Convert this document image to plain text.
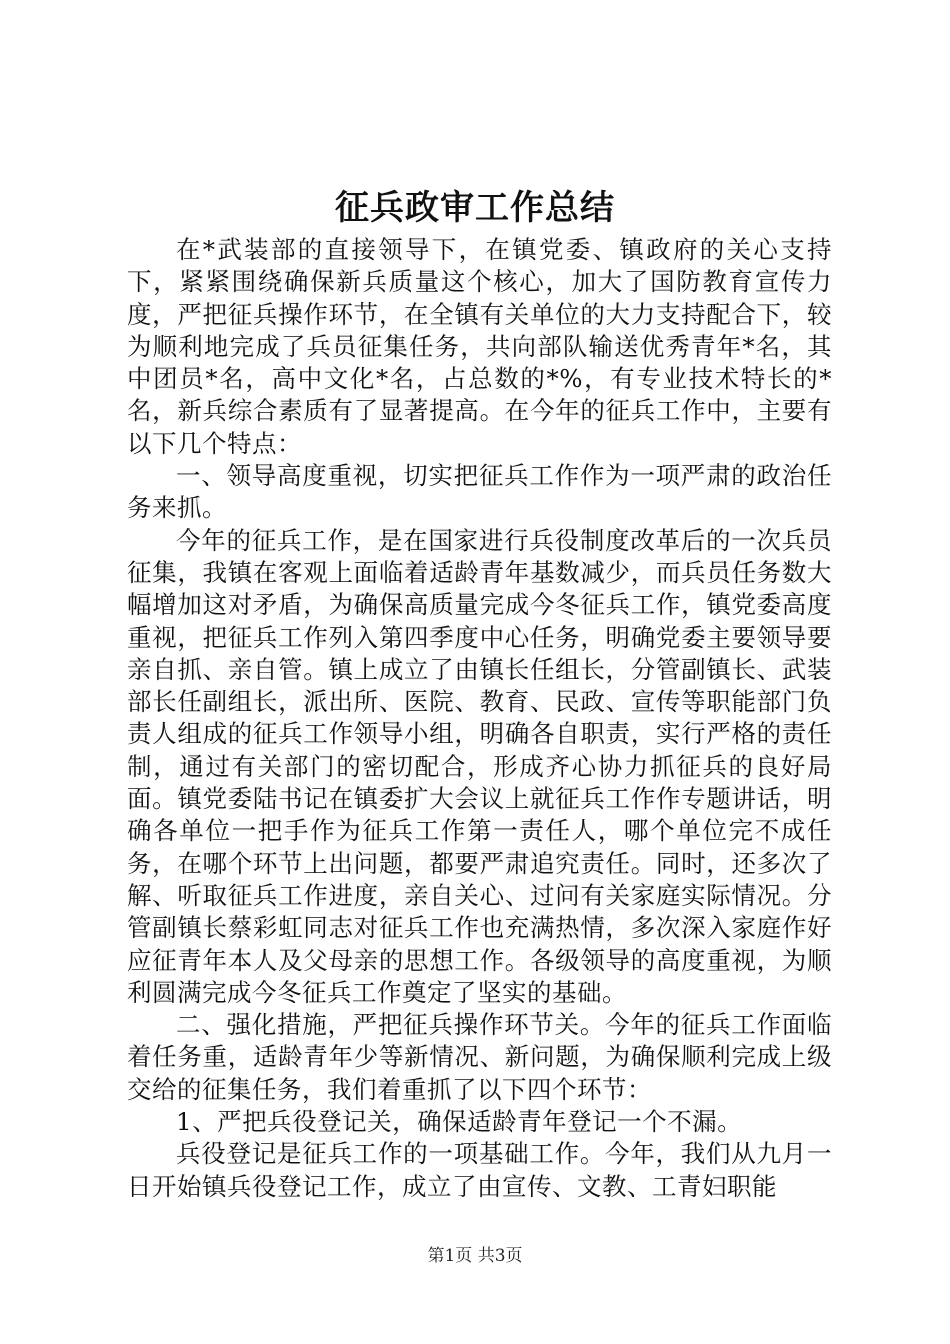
征兵政审工作总结

在*武装部的直接领导下，在镇党委、镇政府的关心支持下，紧紧围绕确保新兵质量这个核心，加大了国防教育宣传力度，严把征兵操作环节，在全镇有关单位的大力支持配合下，较为顺利地完成了兵员征集任务，共向部队输送优秀青年*名，其中团员*名，高中文化*名，占总数的*%，有专业技术特长的*名，新兵综合素质有了显著提高。在今年的征兵工作中，主要有以下几个特点：

一、领导高度重视，切实把征兵工作作为一项严肃的政治任务来抓。

今年的征兵工作，是在国家进行兵役制度改革后的一次兵员征集，我镇在客观上面临着适龄青年基数减少，而兵员任务数大幅增加这对矛盾，为确保高质量完成今冬征兵工作，镇党委高度重视，把征兵工作列入第四季度中心任务，明确党委主要领导要亲自抓、亲自管。镇上成立了由镇长任组长，分管副镇长、武装部长任副组长，派出所、医院、教育、民政、宣传等职能部门负责人组成的征兵工作领导小组，明确各自职责，实行严格的责任制，通过有关部门的密切配合，形成齐心协力抓征兵的良好局面。镇党委陆书记在镇委扩大会议上就征兵工作作专题讲话，明确各单位一把手作为征兵工作第一责任人，哪个单位完不成任务，在哪个环节上出问题，都要严肃追究责任。同时，还多次了解、听取征兵工作进度，亲自关心、过问有关家庭实际情况。分管副镇长蔡彩虹同志对征兵工作也充满热情，多次深入家庭作好应征青年本人及父母亲的思想工作。各级领导的高度重视，为顺利圆满完成今冬征兵工作奠定了坚实的基础。

二、强化措施，严把征兵操作环节关。今年的征兵工作面临着任务重，适龄青年少等新情况、新问题，为确保顺利完成上级交给的征集任务，我们着重抓了以下四个环节：

1、严把兵役登记关，确保适龄青年登记一个不漏。

兵役登记是征兵工作的一项基础工作。今年，我们从九月一日开始镇兵役登记工作，成立了由宣传、文教、工青妇职能

第1页 共3页
